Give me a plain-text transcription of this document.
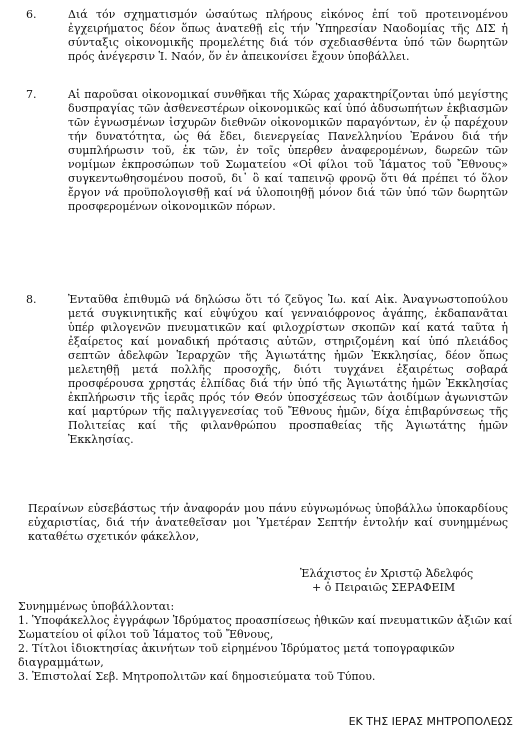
6.	Διά τόν σχηματισμόν ὡσαύτως πλήρους εἰκόνος ἐπί τοῦ προτεινομένου ἐγχειρήματος δέον ὅπως ἀνατεθῇ εἰς τήν Ὑπηρεσίαν Ναοδομίας τῆς ΔΙΣ ἡ σύνταξις οἰκονομικῆς προμελέτης διά τόν σχεδιασθέντα ὑπό τῶν δωρητῶν πρός ἀνέγερσιν Ἱ. Ναόν, ὅν ἐν ἀπεικονίσει ἔχουν ὑποβάλλει.
7.	Αἱ παροῦσαι οἰκονομικαί συνθῆκαι τῆς Χώρας χαρακτηρίζονται ὑπό μεγίστης δυσπραγίας τῶν ἀσθενεστέρων οἰκονομικῶς καί ὑπό ἀδυσωπήτων ἐκβιασμῶν τῶν ἐγνωσμένων ἰσχυρῶν διεθνῶν οἰκονομικῶν παραγόντων, ἐν ᾧ παρέχουν τήν δυνατότητα, ὡς θά ἔδει, διενεργείας Πανελληνίου Ἐράνου διά τήν συμπλήρωσιν τοῦ, ἐκ τῶν, ἐν τοῖς ὑπερθεν ἀναφερομένων, δωρεῶν τῶν νομίμων ἐκπροσώπων τοῦ Σωματείου «Οἱ φίλοι τοῦ Ἰάματος τοῦ Ἔθνους» συγκεντωθησομένου ποσοῦ, δι᾽ ὃ καί ταπεινῷ φρονῷ ὅτι θά πρέπει τό ὅλον ἔργον νά προϋπολογισθῇ καί νά ὑλοποιηθῇ μόνον διά τῶν ὑπό τῶν δωρητῶν προσφερομένων οἰκονομικῶν πόρων.
8.	Ἐνταῦθα ἐπιθυμῶ νά δηλώσω ὅτι τό ζεῦγος Ἰω. καί Αἰκ. Ἀναγνωστοπούλου μετά συγκινητικῆς καί εὐψύχου καί γενναιόφρονος ἀγάπης, ἐκδαπανᾶται ὑπέρ φιλογενῶν πνευματικῶν καί φιλοχρίστων σκοπῶν καί κατά ταῦτα ἡ ἐξαίρετος καί μοναδική πρότασις αὐτῶν, στηριζομένη καί ὑπό πλειάδος σεπτῶν ἀδελφῶν Ἱεραρχῶν τῆς Ἁγιωτάτης ἡμῶν Ἐκκλησίας, δέον ὅπως μελετηθῇ μετά πολλῆς προσοχῆς, διότι τυγχάνει ἐξαιρέτως σοβαρά προσφέρουσα χρηστάς ἐλπίδας διά τήν ὑπό τῆς Ἁγιωτάτης ἡμῶν Ἐκκλησίας ἐκπλήρωσιν τῆς ἱερᾶς πρός τόν Θεόν ὑποσχέσεως τῶν ἀοιδίμων ἀγωνιστῶν καί μαρτύρων τῆς παλιγγενεσίας τοῦ Ἔθνους ἡμῶν, δίχα ἐπιβαρύνσεως τῆς Πολιτείας καί τῆς φιλανθρώπου προσπαθείας τῆς Ἁγιωτάτης ἡμῶν Ἐκκλησίας.
Περαίνων εὐσεβάστως τήν ἀναφοράν μου πάνυ εὐγνωμόνως ὑποβάλλω ὑποκαρδίους εὐχαριστίας, διά τήν ἀνατεθεῖσαν μοι Ὑμετέραν Σεπτήν ἐντολήν καί συνημμένως καταθέτω σχετικόν φάκελλον,
Ἐλάχιστος ἐν Χριστῷ Ἀδελφός
+ ὁ Πειραιῶς ΣΕΡΑΦΕΙΜ
Συνημμένως ὑποβάλλονται:
1. Ὑποφάκελλος ἐγγράφων Ἱδρύματος προασπίσεως ἠθικῶν καί πνευματικῶν ἀξιῶν καί Σωματείου οἱ φίλοι τοῦ Ἰάματος τοῦ Ἔθνους,
2. Τίτλοι ἰδιοκτησίας ἀκινήτων τοῦ εἰρημένου Ἱδρύματος μετά τοπογραφικῶν διαγραμμάτων,
3. Ἐπιστολαί Σεβ. Μητροπολιτῶν καί δημοσιεύματα τοῦ Τύπου.
ΕΚ ΤΗΣ ΙΕΡΑΣ ΜΗΤΡΟΠΟΛΕΩΣ
